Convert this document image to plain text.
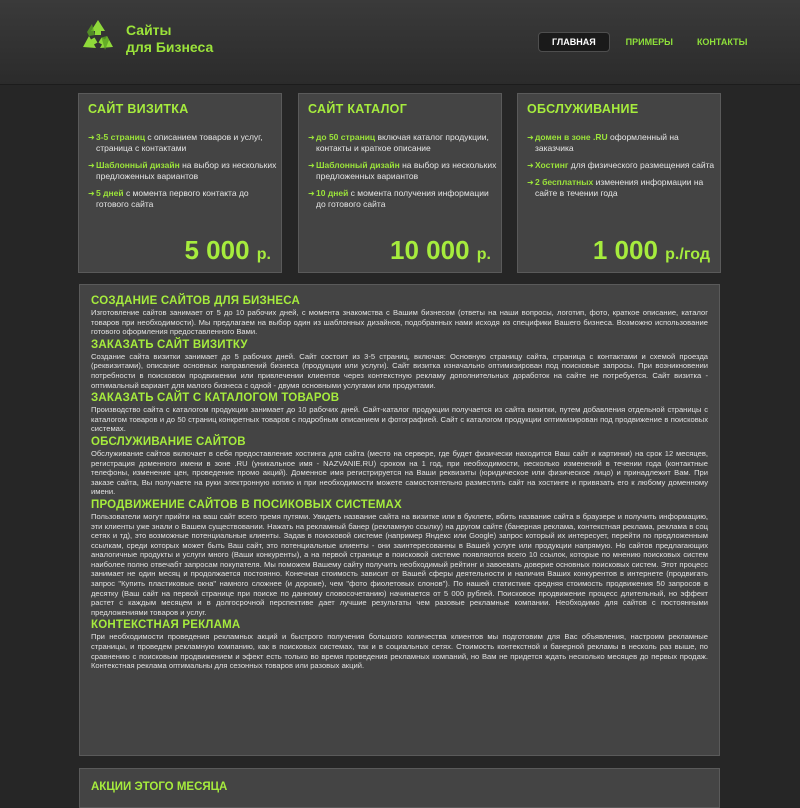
Сайты
для Бизнеса	ГЛАВНАЯ	ПРИМЕРЫ	КОНТАКТЫ
САЙТ ВИЗИТКА
➜ 3-5 страниц с описанием товаров и услуг, страница с контактами
➜ Шаблонный дизайн на выбор из нескольких предложенных вариантов
➜ 5 дней с момента первого контакта до готового сайта
5 000 р.
САЙТ КАТАЛОГ
➜ до 50 страниц включая каталог продукции, контакты и краткое описание
➜ Шаблонный дизайн на выбор из нескольких предложенных вариантов
➜ 10 дней с момента получения информации до готового сайта
10 000 р.
ОБСЛУЖИВАНИЕ
➜ домен в зоне .RU оформленный на заказчика
➜ Хостинг для физического размещения сайта
➜ 2 бесплатных изменения информации на сайте в течении года
1 000 р./год
СОЗДАНИЕ САЙТОВ ДЛЯ БИЗНЕСА

Изготовление сайтов занимает от 5 до 10 рабочих дней, с момента знакомства с Вашим бизнесом (ответы на наши вопросы, логотип, фото, краткое описание, каталог товаров при необходимости). Мы предлагаем на выбор один из шаблонных дизайнов, подобранных нами исходя из специфики Вашего бизнеса. Возможно использование готового оформления предоставленного Вами.

ЗАКАЗАТЬ САЙТ ВИЗИТКУ

Создание сайта визитки занимает до 5 рабочих дней. Сайт состоит из 3-5 страниц, включая: Основную страницу сайта, страница с контактами и схемой проезда (реквизитами), описание основных направлений бизнеса (продукции или услуги). Сайт визитка изначально оптимизирован под поисковые запросы. При возникновении потребности в поисковом продвижении или привлечении клиентов через контекстную рекламу дополнительных доработок на сайте не потребуется. Сайт визитка - оптимальный вариант для малого бизнеса с одной - двумя основными услугами или продуктами.

ЗАКАЗАТЬ САЙТ С КАТАЛОГОМ ТОВАРОВ

Производство сайта с каталогом продукции занимает до 10 рабочих дней. Сайт-каталог продукции получается из сайта визитки, путем добавления отдельной страницы с каталогом товаров и до 50 страниц конкретных товаров с подробным описанием и фотографией. Сайт с каталогом продукции оптимизирован под продвижение в поисковых системах.

ОБСЛУЖИВАНИЕ САЙТОВ

Обслуживание сайтов включает в себя предоставление хостинга для сайта (место на сервере, где будет физически находится Ваш сайт и картинки) на срок 12 месяцев, регистрация доменного имени в зоне .RU (уникальное имя - NAZVANIE.RU) сроком на 1 год, при необходимости, несколько изменений в течении года (контактные телефоны, изменение цен, проведение промо акций). Доменное имя регистрируется на Ваши реквизиты (юридическое или физическое лицо) и принадлежит Вам. При заказе сайта, Вы получаете на руки электронную копию и при необходимости можете самостоятельно разместить сайт на хостинге и привязать его к любому доменному имени.

ПРОДВИЖЕНИЕ САЙТОВ В ПОСИКОВЫХ СИСТЕМАХ

Пользователи могут прийти на ваш сайт всего тремя путями. Увидеть название сайта на визитке или в буклете, вбить название сайта в браузере и получить информацию, эти клиенты уже знали о Вашем существовании. Нажать на рекламный банер (рекламную ссылку) на другом сайте (банерная реклама, контекстная реклама, реклама в соц сетях и тд), это возможные потенциальные клиенты. Задав в поисковой системе (например Яндекс или Google) запрос который их интересует, перейти по предложенным ссылкам, среди которых может быть Ваш сайт, это потенциальные клиенты - они заинтересованны в Вашей услуге или продукции напрямую. Но сайтов предлагающих аналогичные продукты и услуги много (Ваши конкуренты), а на первой странице в поисковой системе появляются всего 10 ссылок, которые по мнению поисковых систем наиболее полно отвечабт запросам покупателя. Мы поможем Вашему сайту получить необходимый рейтинг и завоевать доверие основных поисковых систем. Этот процесс занимает не один месяц и продолжается постоянно. Конечная стоимость зависит от Вашей сферы деятельности и наличия Ваших конкурентов в интернете (продвигать запрос "Купить пластиковые окна" намного сложнее (и дороже), чем "фото фиолетовых слонов"). По нашей статистике средняя стоимость продвижения 50 запросов в десятку (Ваш сайт на первой странице при поиске по данному словосочетанию) начинается от 5 000 рублей. Поисковое продвижение процесс длительный, но эффект растет с каждым месяцем и в долгосрочной перспективе дает лучшие результаты чем разовые рекламные компании. Необходимо для сайтов с постоянными предложениями товаров и услуг.

КОНТЕКСТНАЯ РЕКЛАМА

При необходимости проведения рекламных акций и быстрого получения большого количества клиентов мы подготовим для Вас объявления, настроим рекламные страницы, и проведем рекламную компанию, как в поисковых системах, так и в социальных сетях. Стоимость контекстной и банерной рекламы в несколь раз выше, по сравнению с поисковым продвижением и эфект есть только во время проведения рекламных компаний, но Вам не придется ждать несколько месяцев до первых продаж. Контекстная реклама оптимальны для сезонных товаров или разовых акций.

АКЦИИ ЭТОГО МЕСЯЦА
